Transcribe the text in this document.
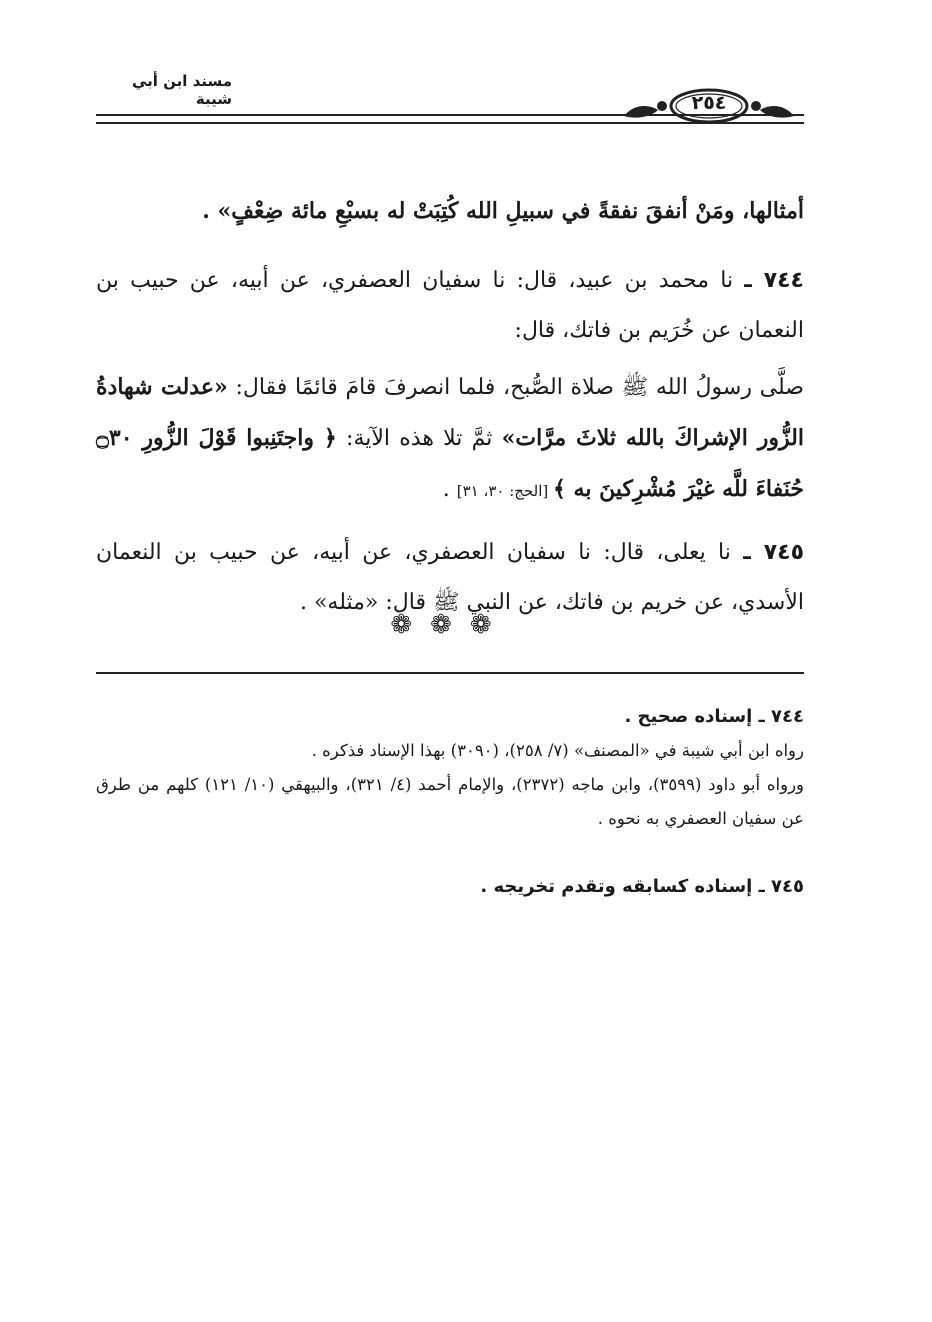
مسند ابن أبي شيبة	٢٥٤

أمثالها، ومَنْ أنفقَ نفقةً في سبيلِ الله كُتِبَتْ له بسبْعِ مائة ضِعْفٍ» .

٧٤٤ ـ نا محمد بن عبيد، قال: نا سفيان العصفري، عن أبيه، عن حبيب بن النعمان عن خُرَيم بن فاتك، قال:

صلَّى رسولُ الله ﷺ صلاة الصُّبح، فلما انصرفَ قامَ قائمًا فقال: «عدلت شهادةُ الزُّور الإشراكَ بالله ثلاثَ مرَّات» ثمَّ تلا هذه الآية: ﴿ واجتَنِبوا قَوْلَ الزُّورِ ۝٣٠ حُنَفاءَ للَّه غيْرَ مُشْرِكينَ به ﴾ [الحج: ٣٠، ٣١] .

٧٤٥ ـ نا يعلى، قال: نا سفيان العصفري، عن أبيه، عن حبيب بن النعمان الأسدي، عن خريم بن فاتك، عن النبي ﷺ قال: «مثله» .

❁❁❁
٧٤٤ ـ إسناده صحيح .
رواه ابن أبي شيبة في «المصنف» (٧/ ٢٥٨)، (٣٠٩٠) بهذا الإسناد فذكره .
ورواه أبو داود (٣٥٩٩)، وابن ماجه (٢٣٧٢)، والإمام أحمد (٤/ ٣٢١)، والبيهقي (١٠/ ١٢١) كلهم من طرق عن سفيان العصفري به نحوه .
٧٤٥ ـ إسناده كسابقه وتقدم تخريجه .
